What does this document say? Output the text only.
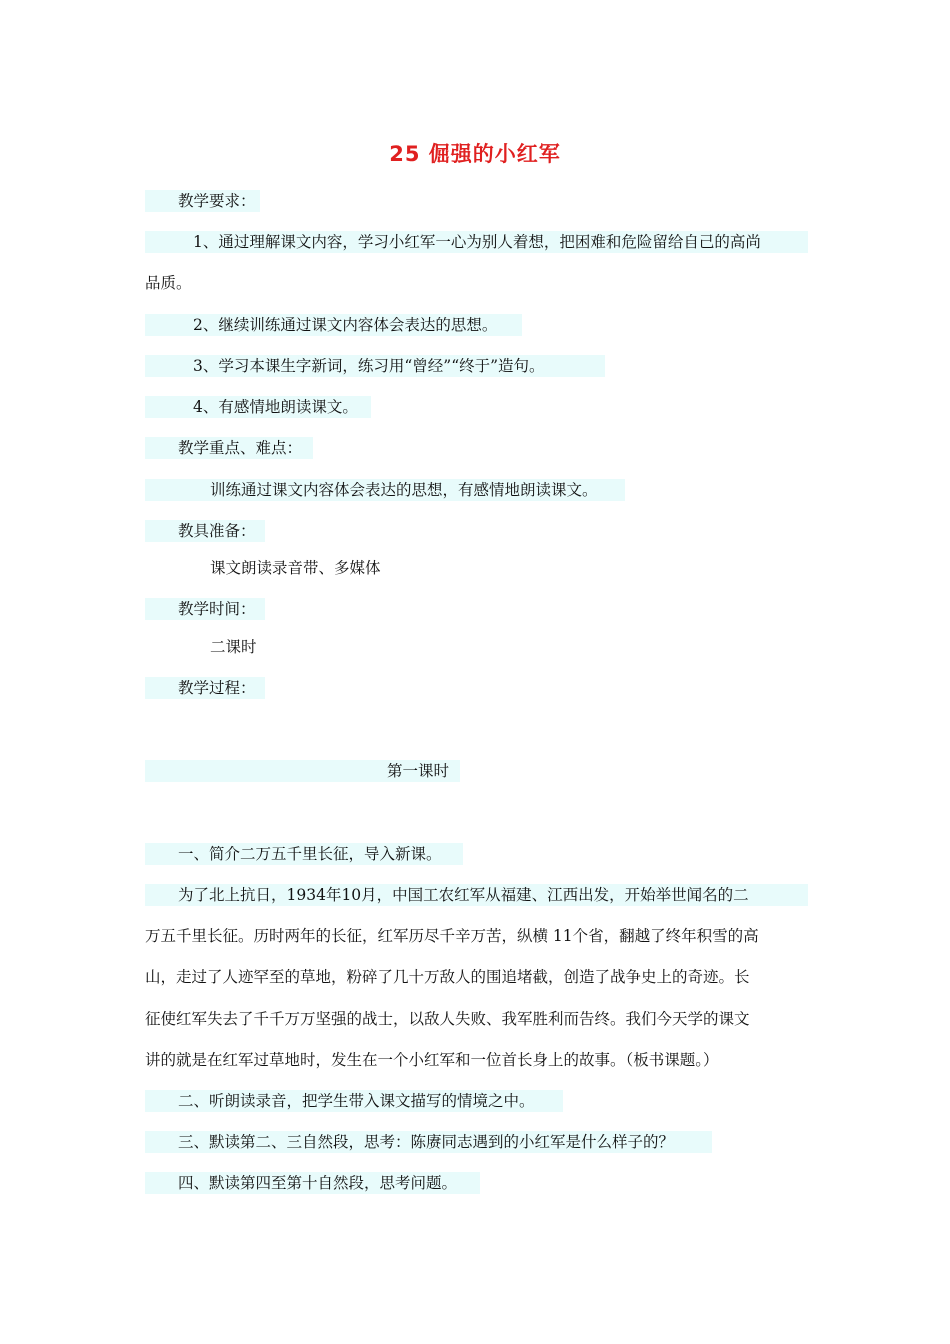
25 倔强的小红军
教学要求：
1、通过理解课文内容，学习小红军一心为别人着想，把困难和危险留给自己的高尚
品质。
2、继续训练通过课文内容体会表达的思想。
3、学习本课生字新词，练习用“曾经”“终于”造句。
4、有感情地朗读课文。
教学重点、难点：
训练通过课文内容体会表达的思想，有感情地朗读课文。
教具准备：
课文朗读录音带、多媒体
教学时间：
二课时
教学过程：
第一课时
一、简介二万五千里长征，导入新课。
为了北上抗日，1934年10月，中国工农红军从福建、江西出发，开始举世闻名的二
万五千里长征。历时两年的长征，红军历尽千辛万苦，纵横 11个省，翻越了终年积雪的高
山，走过了人迹罕至的草地，粉碎了几十万敌人的围追堵截，创造了战争史上的奇迹。长
征使红军失去了千千万万坚强的战士，以敌人失败、我军胜利而告终。我们今天学的课文
讲的就是在红军过草地时，发生在一个小红军和一位首长身上的故事。（板书课题。）
二、听朗读录音，把学生带入课文描写的情境之中。
三、默读第二、三自然段，思考：陈赓同志遇到的小红军是什么样子的？
四、默读第四至第十自然段，思考问题。
